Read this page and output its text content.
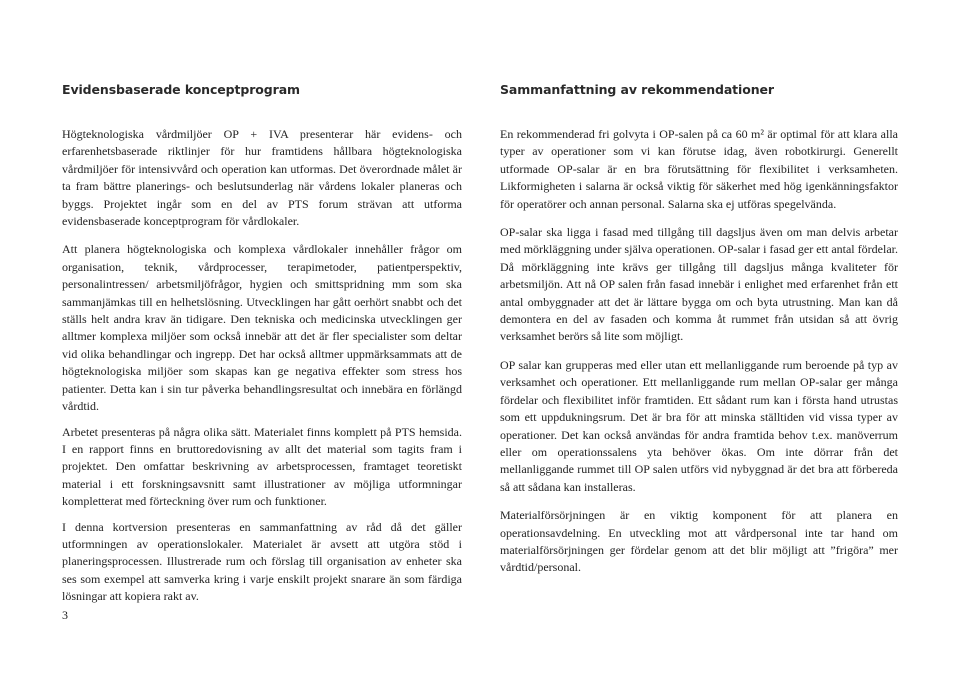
Evidensbaserade konceptprogram	Sammanfattning av rekommendationer

Högteknologiska vårdmiljöer OP + IVA presenterar här evidens- och erfarenhetsbaserade riktlinjer för hur framtidens hållbara högteknologiska vårdmiljöer för intensivvård och operation kan utformas. Det överordnade målet är ta fram bättre planerings- och beslutsunderlag när vårdens lokaler planeras och byggs. Projektet ingår som en del av PTS forum strävan att utforma evidensbaserade konceptprogram för vårdlokaler.

Att planera högteknologiska och komplexa vårdlokaler innehåller frågor om organisation, teknik, vårdprocesser, terapimetoder, patientperspektiv, personalintressen/ arbetsmiljöfrågor, hygien och smittspridning mm som ska sammanjämkas till en helhetslösning. Utvecklingen har gått oerhört snabbt och det ställs helt andra krav än tidigare. Den tekniska och medicinska utvecklingen ger alltmer komplexa miljöer som också innebär att det är fler specialister som deltar vid olika behandlingar och ingrepp. Det har också alltmer uppmärksammats att de högteknologiska miljöer som skapas kan ge negativa effekter som stress hos patienter. Detta kan i sin tur påverka behandlingsresultat och innebära en förlängd vårdtid.

Arbetet presenteras på några olika sätt. Materialet finns komplett på PTS hemsida. I en rapport finns en bruttoredovisning av allt det material som tagits fram i projektet. Den omfattar beskrivning av arbetsprocessen, framtaget teoretiskt material i ett forskningsavsnitt samt illustrationer av möjliga utformningar kompletterat med förteckning över rum och funktioner.

I denna kortversion presenteras en sammanfattning av råd då det gäller utformningen av operationslokaler. Materialet är avsett att utgöra stöd i planeringsprocessen. Illustrerade rum och förslag till organisation av enheter ska ses som exempel att samverka kring i varje enskilt projekt snarare än som färdiga lösningar att kopiera rakt av.

En rekommenderad fri golvyta i OP-salen på ca 60 m² är optimal för att klara alla typer av operationer som vi kan förutse idag, även robotkirurgi. Generellt utformade OP-salar är en bra förutsättning för flexibilitet i verksamheten. Likformigheten i salarna är också viktig för säkerhet med hög igenkänningsfaktor för operatörer och annan personal. Salarna ska ej utföras spegelvända.

OP-salar ska ligga i fasad med tillgång till dagsljus även om man delvis arbetar med mörkläggning under själva operationen. OP-salar i fasad ger ett antal fördelar. Då mörkläggning inte krävs ger tillgång till dagsljus många kvaliteter för arbetsmiljön. Att nå OP salen från fasad innebär i enlighet med erfarenhet från ett antal ombyggnader att det är lättare bygga om och byta utrustning. Man kan då demontera en del av fasaden och komma åt rummet från utsidan så att övrig verksamhet berörs så lite som möjligt.

OP salar kan grupperas med eller utan ett mellanliggande rum beroende på typ av verksamhet och operationer. Ett mellanliggande rum mellan OP-salar ger många fördelar och flexibilitet inför framtiden. Ett sådant rum kan i första hand utrustas som ett uppdukningsrum. Det är bra för att minska ställtiden vid vissa typer av operationer. Det kan också användas för andra framtida behov t.ex. manöverrum eller om operationssalens yta behöver ökas. Om inte dörrar från det mellanliggande rummet till OP salen utförs vid nybyggnad är det bra att förbereda så att sådana kan installeras.

Materialförsörjningen är en viktig komponent för att planera en operationsavdelning. En utveckling mot att vårdpersonal inte tar hand om materialförsörjningen ger fördelar genom att det blir möjligt att ”frigöra” mer vårdtid/personal.

3
